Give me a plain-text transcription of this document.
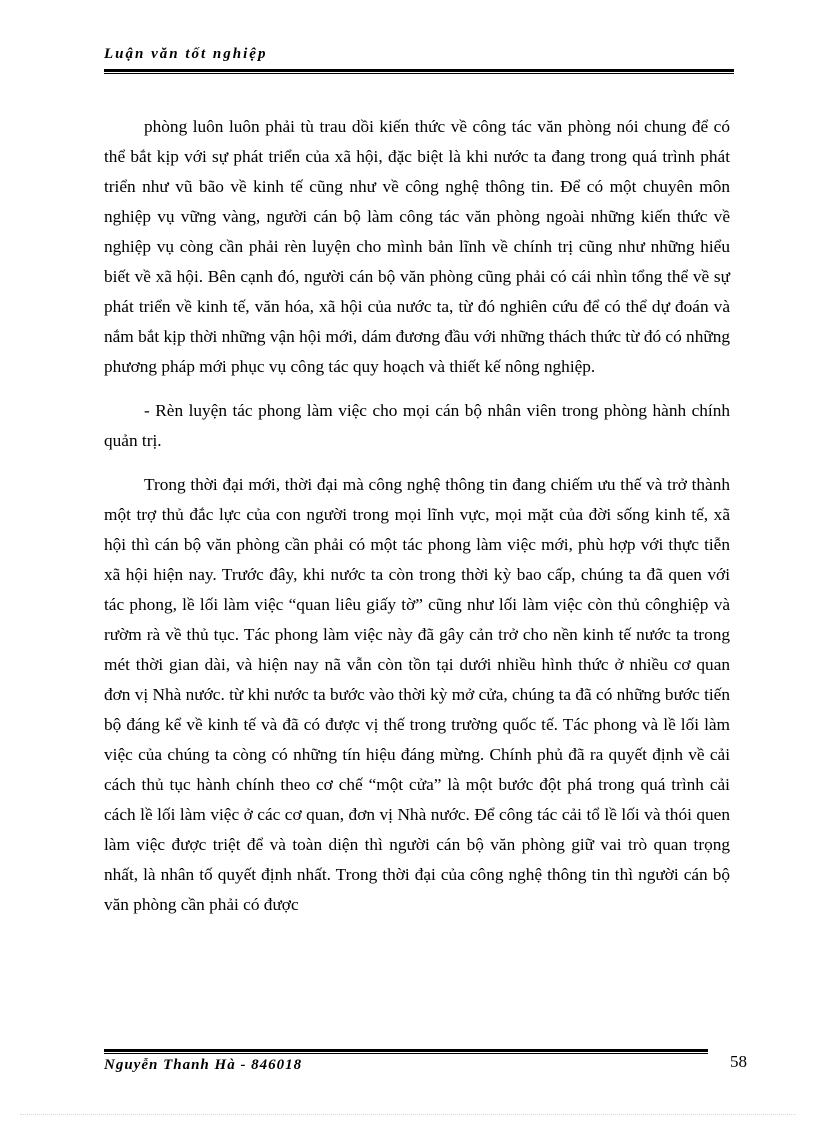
Luận văn tốt nghiệp

phòng luôn luôn phải tù trau dồi kiến thức về công tác văn phòng nói chung để có thể bắt kịp với sự phát triển của xã hội, đặc biệt là khi nước ta đang trong quá trình phát triển như vũ bão về kinh tế cũng như về công nghệ thông tin. Để có một chuyên môn nghiệp vụ vững vàng, người cán bộ làm công tác văn phòng ngoài những kiến thức về nghiệp vụ còng cần phải rèn luyện cho mình bản lĩnh về chính trị cũng như những hiểu biết về xã hội. Bên cạnh đó, người cán bộ văn phòng cũng phải có cái nhìn tổng thể về sự phát triển về kinh tế, văn hóa, xã hội của nước ta, từ đó nghiên cứu để có thể dự đoán và nắm bắt kịp thời những vận hội mới, dám đương đầu với những thách thức từ đó có những phương pháp mới phục vụ công tác quy hoạch và thiết kế nông nghiệp.

- Rèn luyện tác phong làm việc cho mọi cán bộ nhân viên trong phòng hành chính quản trị.

Trong thời đại mới, thời đại mà công nghệ thông tin đang chiếm ưu thế và trở thành một trợ thủ đắc lực của con người trong mọi lĩnh vực, mọi mặt của đời sống kinh tế, xã hội thì cán bộ văn phòng cần phải có một tác phong làm việc mới, phù hợp với thực tiễn xã hội hiện nay. Trước đây, khi nước ta còn trong thời kỳ bao cấp, chúng ta đã quen với tác phong, lề lối làm việc “quan liêu giấy tờ” cũng như lối làm việc còn thủ cônghiệp và rườm rà về thủ tục. Tác phong làm việc này đã gây cản trở cho nền kinh tế nước ta trong mét thời gian dài, và hiện nay nã vẫn còn tồn tại dưới nhiều hình thức ở nhiều cơ quan đơn vị Nhà nước. từ khi nước ta bước vào thời kỳ mở cửa, chúng ta đã có những bước tiến bộ đáng kể về kinh tế và đã có được vị thế trong trường quốc tế. Tác phong và lề lối làm việc của chúng ta còng có những tín hiệu đáng mừng. Chính phủ đã ra quyết định về cải cách thủ tục hành chính theo cơ chế “một cửa” là một bước đột phá trong quá trình cải cách lề lối làm việc ở các cơ quan, đơn vị Nhà nước. Để công tác cải tổ lề lối và thói quen làm việc được triệt để và toàn diện thì người cán bộ văn phòng giữ vai trò quan trọng nhất, là nhân tố quyết định nhất. Trong thời đại của công nghệ thông tin thì người cán bộ văn phòng cần phải có được

Nguyễn Thanh Hà - 846018	58
